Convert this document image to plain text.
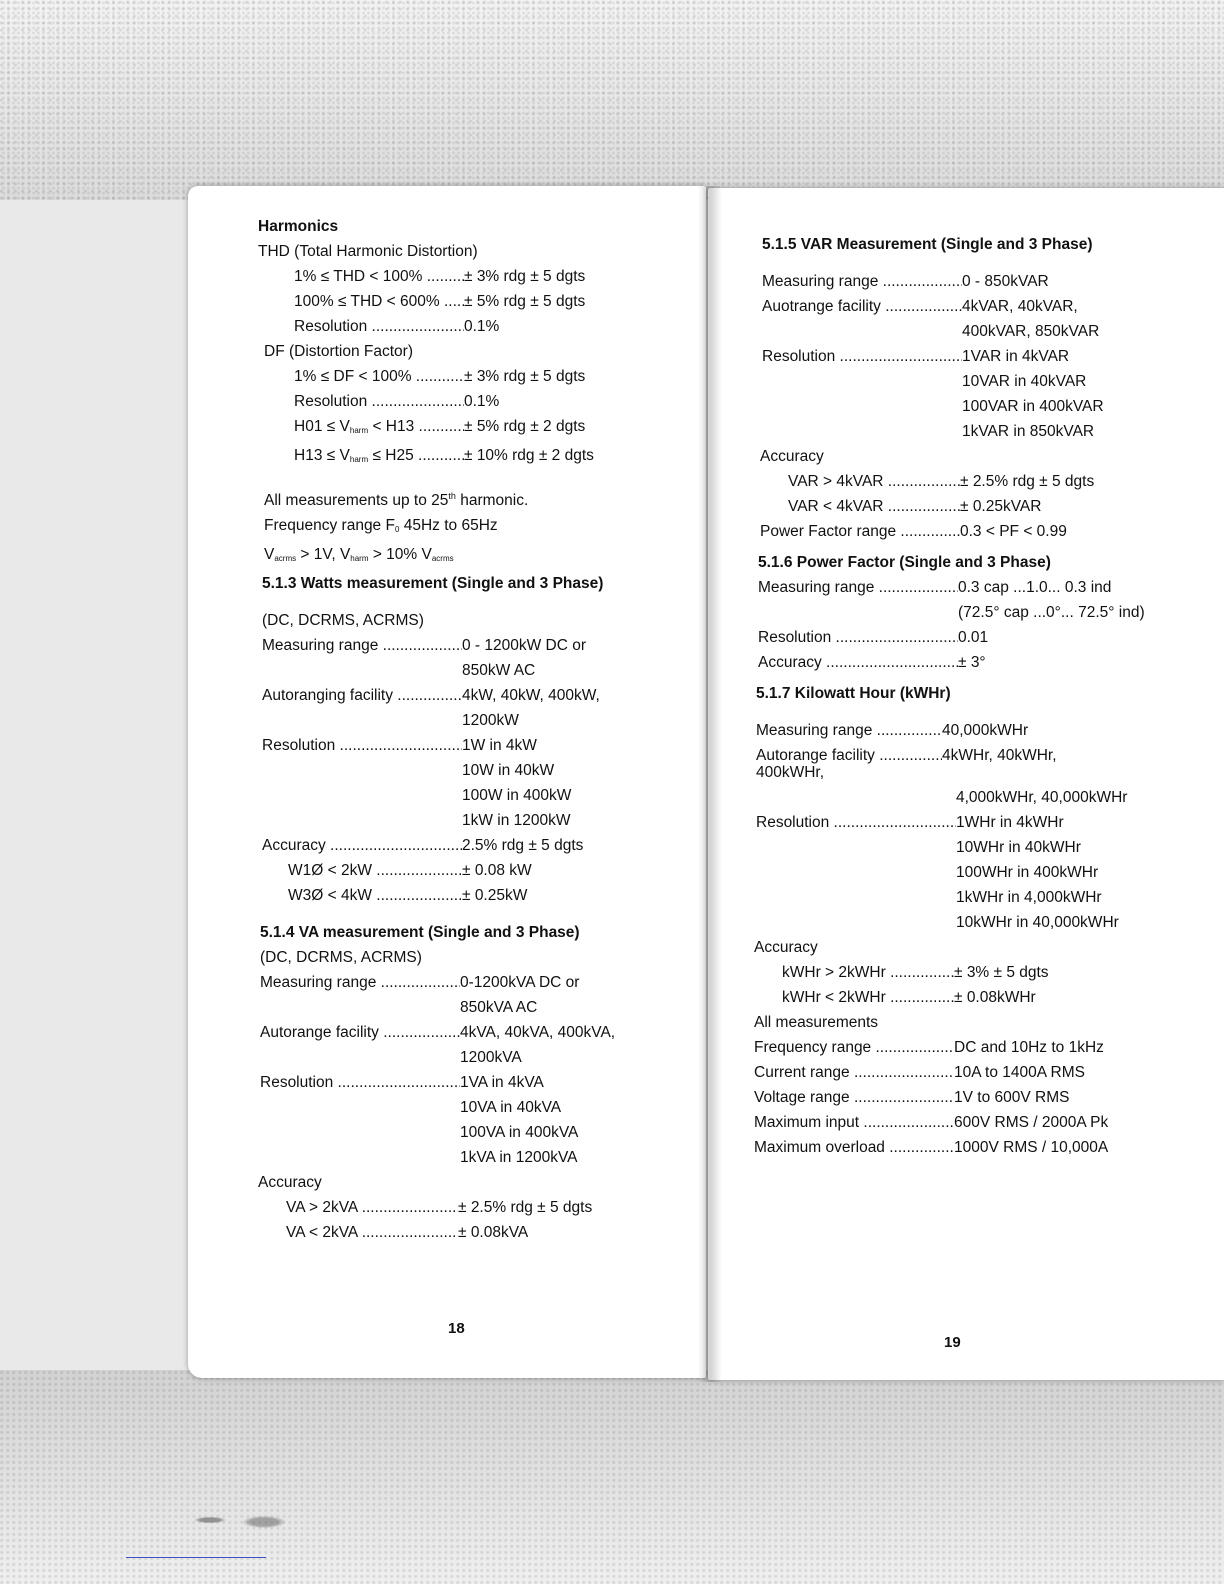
Harmonics
THD (Total Harmonic Distortion)
1% ≤ THD < 100% .....	± 3% rdg ± 5 dgts
100% ≤ THD < 600% .....	± 5% rdg ± 5 dgts
Resolution .....	0.1%
DF (Distortion Factor)
1% ≤ DF < 100% .....	± 3% rdg ± 5 dgts
Resolution .....	0.1%
$H01 \le V_{harm} < H13$ .....	± 5% rdg ± 2 dgts
$H13 \le V_{harm} \le H25$ .....	± 10% rdg ± 2 dgts
All measurements up to 25th harmonic.
Frequency range $F_0$ 45Hz to 65Hz
$V_{acrms} > 1V$, $V_{harm} > 10\%$ $V_{acrms}$
5.1.3 Watts measurement (Single and 3 Phase)
(DC, DCRMS, ACRMS)
Measuring range .....	0 - 1200kW DC or
850kW AC
Autoranging facility .....	4kW, 40kW, 400kW,
1200kW
Resolution .....	1W in 4kW
10W in 40kW
100W in 400kW
1kW in 1200kW
Accuracy .....	2.5% rdg ± 5 dgts
W1Ø < 2kW .....	± 0.08 kW
W3Ø < 4kW .....	± 0.25kW
5.1.4 VA measurement (Single and 3 Phase)
(DC, DCRMS, ACRMS)
Measuring range .....	0-1200kVA DC or
850kVA AC
Autorange facility .....	4kVA, 40kVA, 400kVA,
1200kVA
Resolution .....	1VA in 4kVA
10VA in 40kVA
100VA in 400kVA
1kVA in 1200kVA
Accuracy
VA > 2kVA .....	± 2.5% rdg ± 5 dgts
VA < 2kVA .....	± 0.08kVA
5.1.5 VAR Measurement (Single and 3 Phase)
Measuring range .....	0 - 850kVAR
Auotrange facility .....	4kVAR, 40kVAR,
400kVAR, 850kVAR
Resolution .....	1VAR in 4kVAR
10VAR in 40kVAR
100VAR in 400kVAR
1kVAR in 850kVAR
Accuracy
VAR > 4kVAR .....	± 2.5% rdg ± 5 dgts
VAR < 4kVAR .....	± 0.25kVAR
Power Factor range .....	0.3 < PF < 0.99
5.1.6 Power Factor (Single and 3 Phase)
Measuring range .....	0.3 cap ...1.0... 0.3 ind
(72.5° cap ...0°... 72.5° ind)
Resolution .....	0.01
Accuracy .....	± 3°
5.1.7 Kilowatt Hour (kWHr)
Measuring range .....	40,000kWHr
Autorange facility .....	4kWHr, 40kWHr,
400kWHr,
4,000kWHr, 40,000kWHr
Resolution .....	1WHr in 4kWHr
10WHr in 40kWHr
100WHr in 400kWHr
1kWHr in 4,000kWHr
10kWHr in 40,000kWHr
Accuracy
kWHr > 2kWHr .....	± 3% ± 5 dgts
kWHr < 2kWHr .....	± 0.08kWHr
All measurements
Frequency range .....	DC and 10Hz to 1kHz
Current range .....	10A to 1400A RMS
Voltage range .....	1V to 600V RMS
Maximum input .....	600V RMS / 2000A Pk
Maximum overload .....	1000V RMS / 10,000A
18
19
